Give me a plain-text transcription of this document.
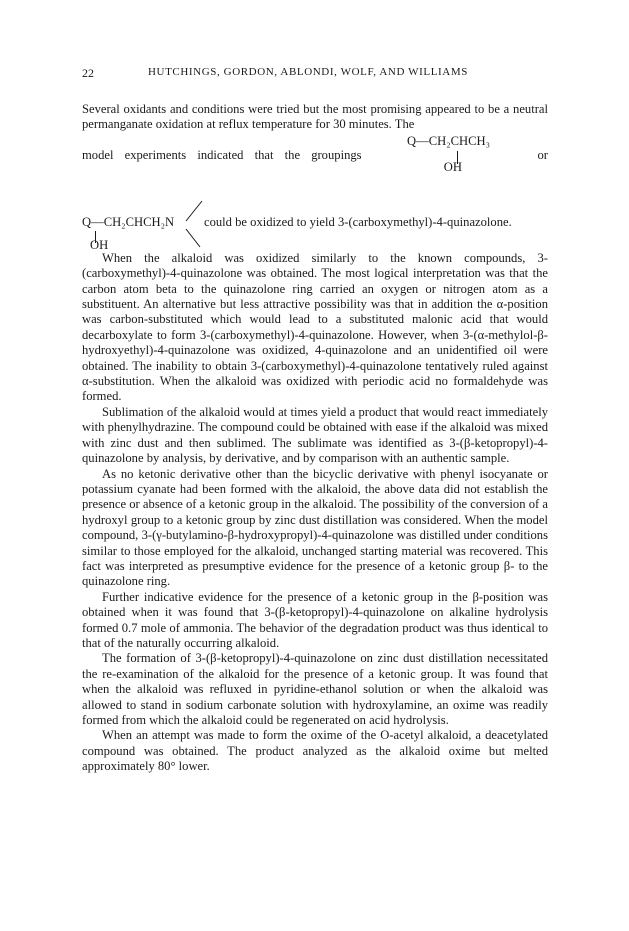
22	HUTCHINGS, GORDON, ABLONDI, WOLF, AND WILLIAMS

Several oxidants and conditions were tried but the most promising appeared to be a neutral permanganate oxidation at reflux temperature for 30 minutes. The

Q—CH₂CHCH₃
OH
model experiments indicated that the groupings	or
Q—CH₂CHCH₂N could be oxidized to yield 3-(carboxymethyl)-4-quinazolone.
OH

When the alkaloid was oxidized similarly to the known compounds, 3-(carboxymethyl)-4-quinazolone was obtained. The most logical interpretation was that the carbon atom beta to the quinazolone ring carried an oxygen or nitrogen atom as a substituent. An alternative but less attractive possibility was that in addition the α-position was carbon-substituted which would lead to a substituted malonic acid that would decarboxylate to form 3-(carboxymethyl)-4-quinazolone. However, when 3-(α-methylol-β-hydroxyethyl)-4-quinazolone was oxidized, 4-quinazolone and an unidentified oil were obtained. The inability to obtain 3-(carboxymethyl)-4-quinazolone tentatively ruled against α-substitution. When the alkaloid was oxidized with periodic acid no formaldehyde was formed.

Sublimation of the alkaloid would at times yield a product that would react immediately with phenylhydrazine. The compound could be obtained with ease if the alkaloid was mixed with zinc dust and then sublimed. The sublimate was identified as 3-(β-ketopropyl)-4-quinazolone by analysis, by derivative, and by comparison with an authentic sample.

As no ketonic derivative other than the bicyclic derivative with phenyl isocyanate or potassium cyanate had been formed with the alkaloid, the above data did not establish the presence or absence of a ketonic group in the alkaloid. The possibility of the conversion of a hydroxyl group to a ketonic group by zinc dust distillation was considered. When the model compound, 3-(γ-butylamino-β-hydroxypropyl)-4-quinazolone was distilled under conditions similar to those employed for the alkaloid, unchanged starting material was recovered. This fact was interpreted as presumptive evidence for the presence of a ketonic group β- to the quinazolone ring.

Further indicative evidence for the presence of a ketonic group in the β-position was obtained when it was found that 3-(β-ketopropyl)-4-quinazolone on alkaline hydrolysis formed 0.7 mole of ammonia. The behavior of the degradation product was thus identical to that of the naturally occurring alkaloid.

The formation of 3-(β-ketopropyl)-4-quinazolone on zinc dust distillation necessitated the re-examination of the alkaloid for the presence of a ketonic group. It was found that when the alkaloid was refluxed in pyridine-ethanol solution or when the alkaloid was allowed to stand in sodium carbonate solution with hydroxylamine, an oxime was readily formed from which the alkaloid could be regenerated on acid hydrolysis.

When an attempt was made to form the oxime of the O-acetyl alkaloid, a deacetylated compound was obtained. The product analyzed as the alkaloid oxime but melted approximately 80° lower.
